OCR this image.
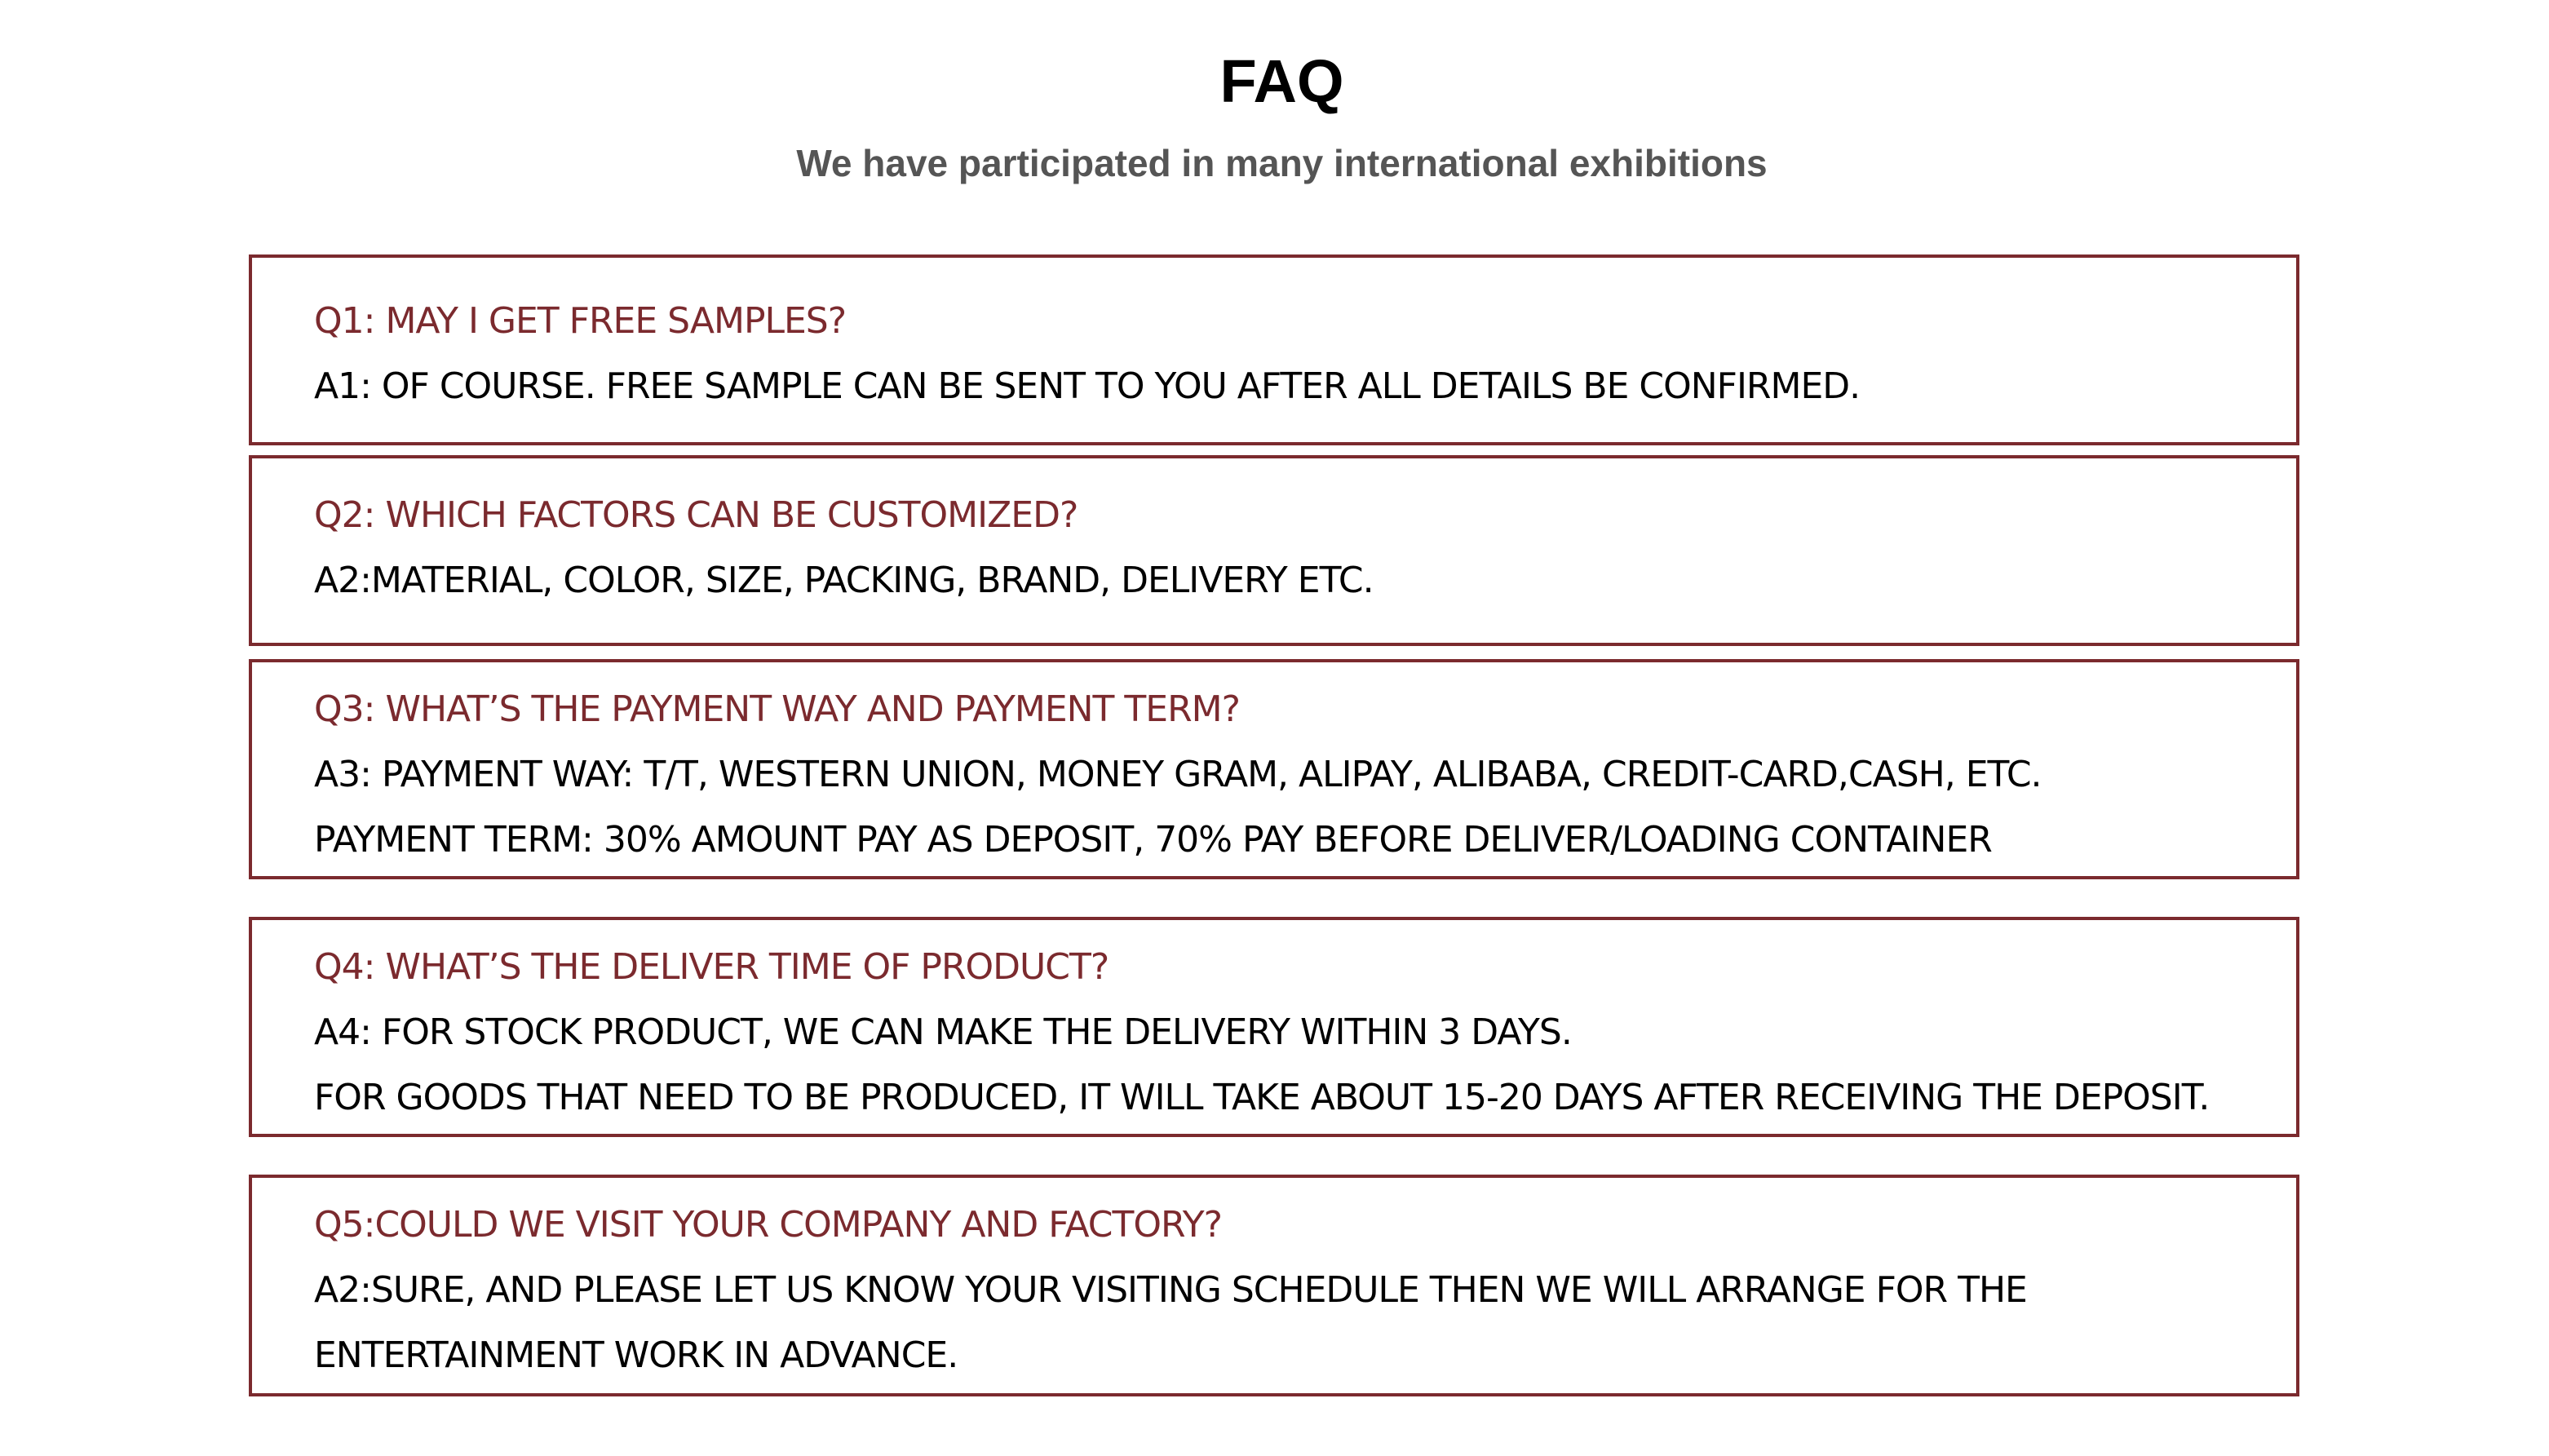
FAQ
We have participated in many international exhibitions
Q1: MAY I GET FREE SAMPLES?
A1: OF COURSE. FREE SAMPLE CAN BE SENT TO YOU AFTER ALL DETAILS BE CONFIRMED.
Q2: WHICH FACTORS CAN BE CUSTOMIZED?
A2:MATERIAL, COLOR, SIZE, PACKING, BRAND, DELIVERY ETC.
Q3: WHAT’S THE PAYMENT WAY AND PAYMENT TERM?
A3: PAYMENT WAY: T/T, WESTERN UNION, MONEY GRAM, ALIPAY, ALIBABA, CREDIT-CARD,CASH, ETC.
PAYMENT TERM: 30% AMOUNT PAY AS DEPOSIT, 70% PAY BEFORE DELIVER/LOADING CONTAINER
Q4: WHAT’S THE DELIVER TIME OF PRODUCT?
A4: FOR STOCK PRODUCT, WE CAN MAKE THE DELIVERY WITHIN 3 DAYS.
FOR GOODS THAT NEED TO BE PRODUCED, IT WILL TAKE ABOUT 15-20 DAYS AFTER RECEIVING THE DEPOSIT.
Q5:COULD WE VISIT YOUR COMPANY AND FACTORY?
A2:SURE, AND PLEASE LET US KNOW YOUR VISITING SCHEDULE THEN WE WILL ARRANGE FOR THE
ENTERTAINMENT WORK IN ADVANCE.
